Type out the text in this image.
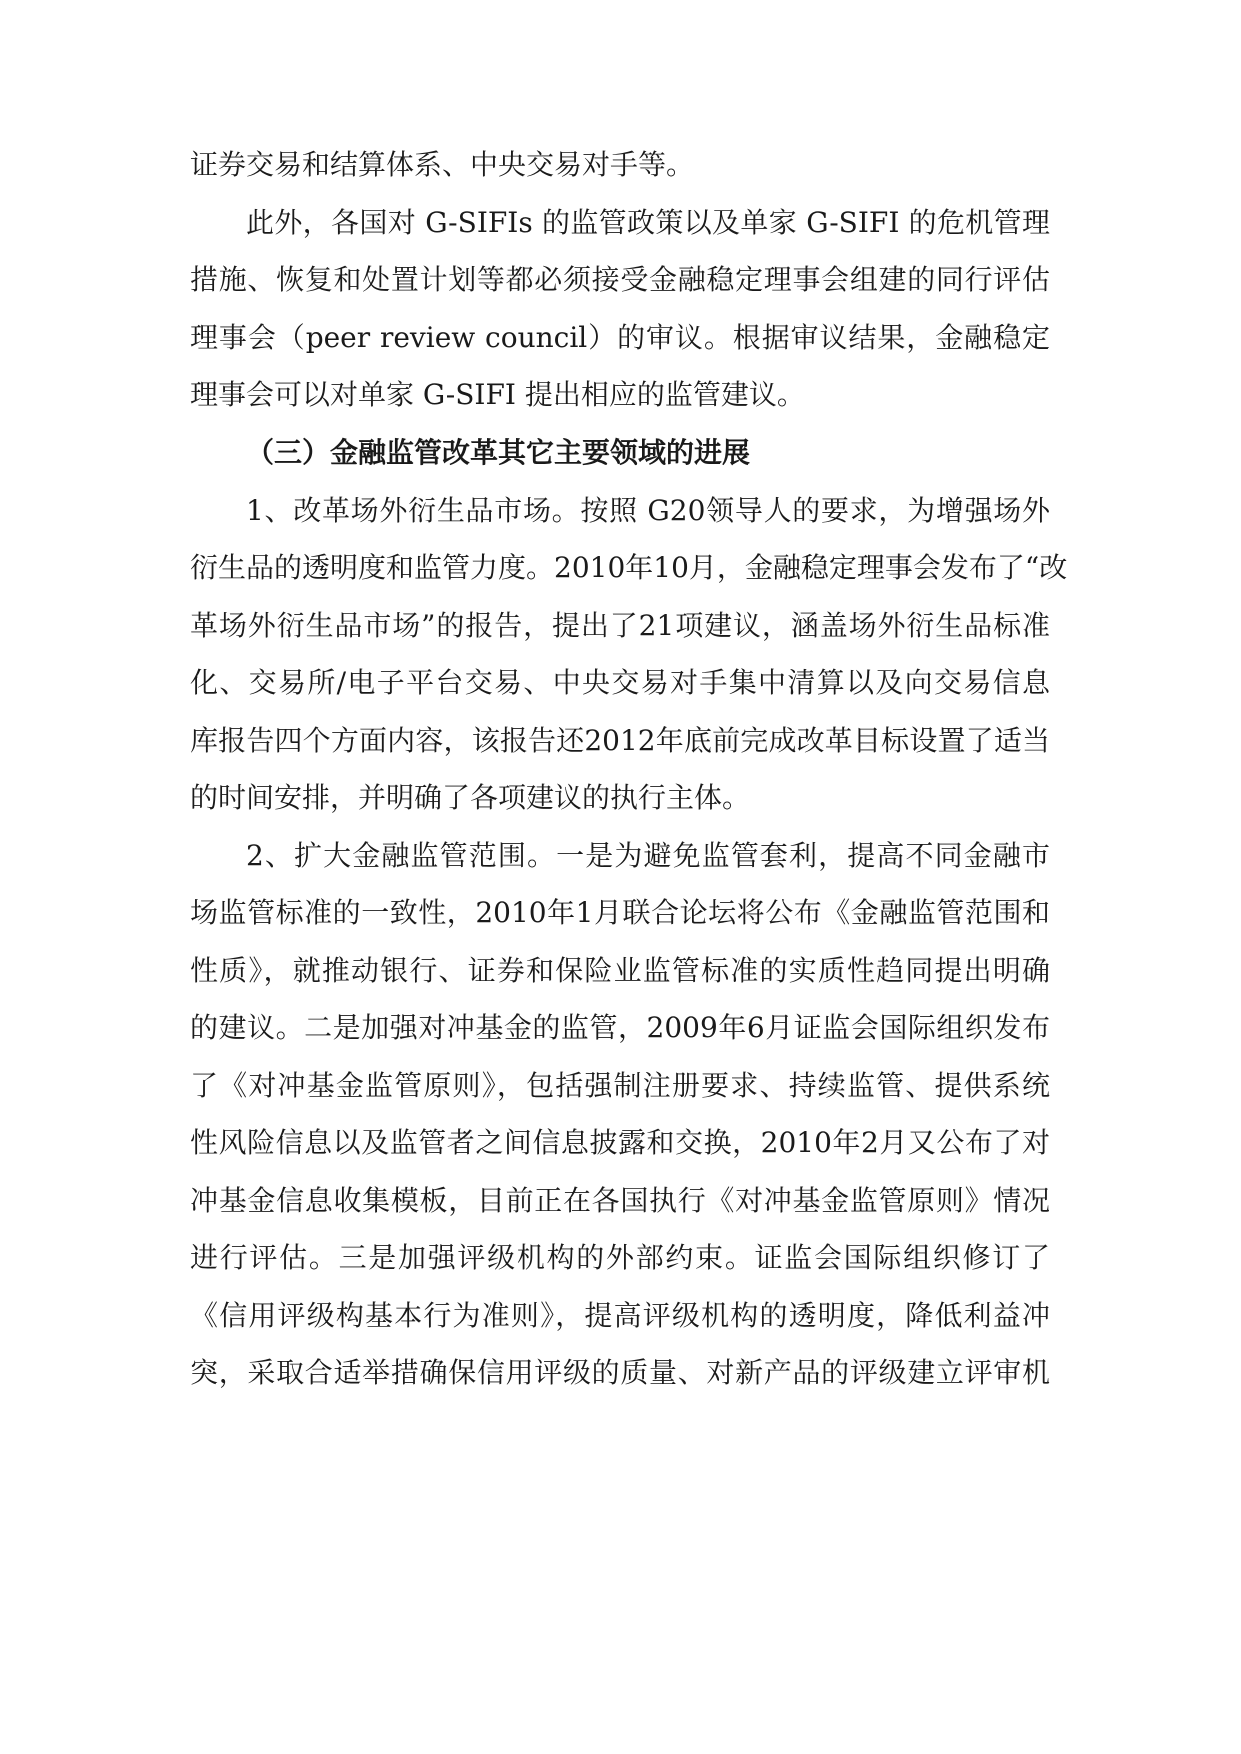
证券交易和结算体系、中央交易对手等。
此外，各国对 G-SIFIs 的监管政策以及单家 G-SIFI 的危机管理
措施、恢复和处置计划等都必须接受金融稳定理事会组建的同行评估
理事会（peer review council）的审议。根据审议结果，金融稳定
理事会可以对单家 G-SIFI 提出相应的监管建议。
（三）金融监管改革其它主要领域的进展
1、改革场外衍生品市场。按照 G20领导人的要求，为增强场外
衍生品的透明度和监管力度。2010年10月，金融稳定理事会发布了“改
革场外衍生品市场”的报告，提出了21项建议，涵盖场外衍生品标准
化、交易所/电子平台交易、中央交易对手集中清算以及向交易信息
库报告四个方面内容，该报告还2012年底前完成改革目标设置了适当
的时间安排，并明确了各项建议的执行主体。
2、扩大金融监管范围。一是为避免监管套利，提高不同金融市
场监管标准的一致性，2010年1月联合论坛将公布《金融监管范围和
性质》，就推动银行、证券和保险业监管标准的实质性趋同提出明确
的建议。二是加强对冲基金的监管，2009年6月证监会国际组织发布
了《对冲基金监管原则》，包括强制注册要求、持续监管、提供系统
性风险信息以及监管者之间信息披露和交换，2010年2月又公布了对
冲基金信息收集模板，目前正在各国执行《对冲基金监管原则》情况
进行评估。三是加强评级机构的外部约束。证监会国际组织修订了
《信用评级构基本行为准则》，提高评级机构的透明度，降低利益冲
突，采取合适举措确保信用评级的质量、对新产品的评级建立评审机
